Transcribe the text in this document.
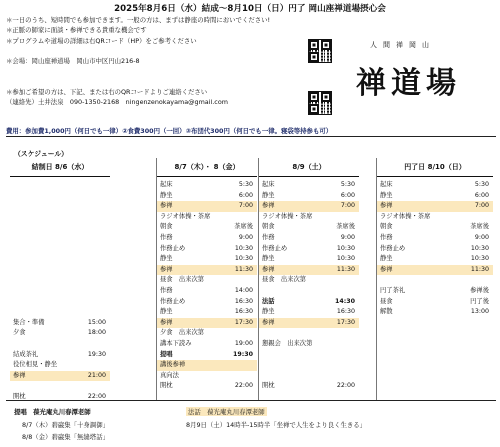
2025年8月6日（水）結成～8月10日（日）円了 岡山座禅道場摂心会
＊一日のうち、短時間でも参加できます。一般の方は、まずは静座の時間においでください!
＊正脈の師家に面談・参禅できる貴重な機会です
＊プログラムや道場の詳細は右QRコード（HP）をご参考ください
＊会場：岡山座禅道場　岡山市中区円山216-8
＊参加ご希望の方は、下記、または右のQRコードよりご連絡ください
（連絡先）土井法泉　090-1350-2168　ningenzenokayama@gmail.com
人間禅岡山
禅道場
費用：参加費1,000円（何日でも一律）②食費300円（一回）③布団代300円（何日でも一律。寝袋等持参も可）
（スケジュール）
結制日 8/6（水）
集合・準備	15:00
夕食	18:00
結成茶礼	19:30
役位相見・静坐
参禅	21:00
開枕	22:00
8/7（木）・ 8（金）
起床	5:30
静坐	6:00
参禅	7:00
ラジオ体操・茶席
朝食	茶席後
作務	9:00
作務止め	10:30
静坐	10:30
参禅	11:30
昼食　出来次第
作務	14:00
作務止め	16:30
静坐	16:30
参禅	17:30
夕食　出来次第
講本下読み	19:00
提唱	19:30
講後参禅
真向法
開枕	22:00
8/9（土）
起床	5:30
静坐	6:00
参禅	7:00
ラジオ体操・茶席
朝食	茶席後
作務	9:00
作務止め	10:30
静坐	10:30
参禅	11:30
昼食　出来次第
法話	14:30
静坐	16:30
参禅	17:30
懇親会　出来次第
開枕	22:00
円了日 8/10（日）
起床	5:30
静坐	6:00
参禅	7:00
ラジオ体操・茶席
朝食	茶席後
作務	9:00
作務止め	10:30
静坐	10:30
参禅	11:30
円了茶礼	参禅後
昼食	円了後
解散	13:00
提唱　葆光庵丸川春潭老師
8/7（木）碧巌集「十身調御」
8/8（金）碧巌集「無縫塔話」
法話　葆光庵丸川春潭老師
8月9日（土）14時半-15時半「坐禅で人生をより良く生きる」
